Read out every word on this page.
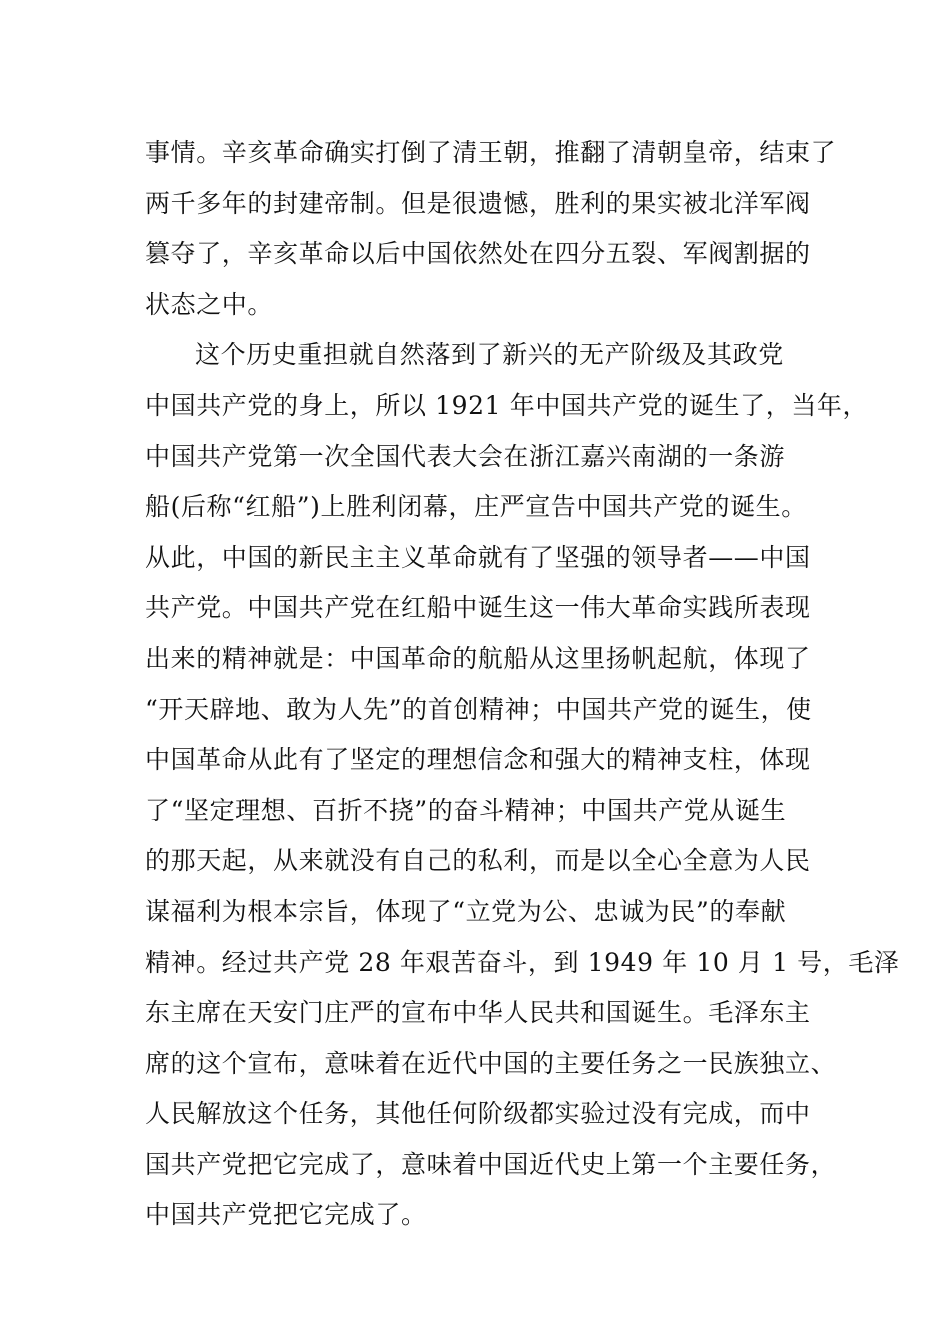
事情。辛亥革命确实打倒了清王朝，推翻了清朝皇帝，结束了
两千多年的封建帝制。但是很遗憾，胜利的果实被北洋军阀
篡夺了，辛亥革命以后中国依然处在四分五裂、军阀割据的
状态之中。
这个历史重担就自然落到了新兴的无产阶级及其政党
中国共产党的身上，所以 1921 年中国共产党的诞生了，当年，
中国共产党第一次全国代表大会在浙江嘉兴南湖的一条游
船(后称“红船”)上胜利闭幕，庄严宣告中国共产党的诞生。
从此，中国的新民主主义革命就有了坚强的领导者——中国
共产党。中国共产党在红船中诞生这一伟大革命实践所表现
出来的精神就是：中国革命的航船从这里扬帆起航，体现了
“开天辟地、敢为人先”的首创精神；中国共产党的诞生，使
中国革命从此有了坚定的理想信念和强大的精神支柱，体现
了“坚定理想、百折不挠”的奋斗精神；中国共产党从诞生
的那天起，从来就没有自己的私利，而是以全心全意为人民
谋福利为根本宗旨，体现了“立党为公、忠诚为民”的奉献
精神。经过共产党 28 年艰苦奋斗，到 1949 年 10 月 1 号，毛泽
东主席在天安门庄严的宣布中华人民共和国诞生。毛泽东主
席的这个宣布，意味着在近代中国的主要任务之一民族独立、
人民解放这个任务，其他任何阶级都实验过没有完成，而中
国共产党把它完成了，意味着中国近代史上第一个主要任务，
中国共产党把它完成了。
